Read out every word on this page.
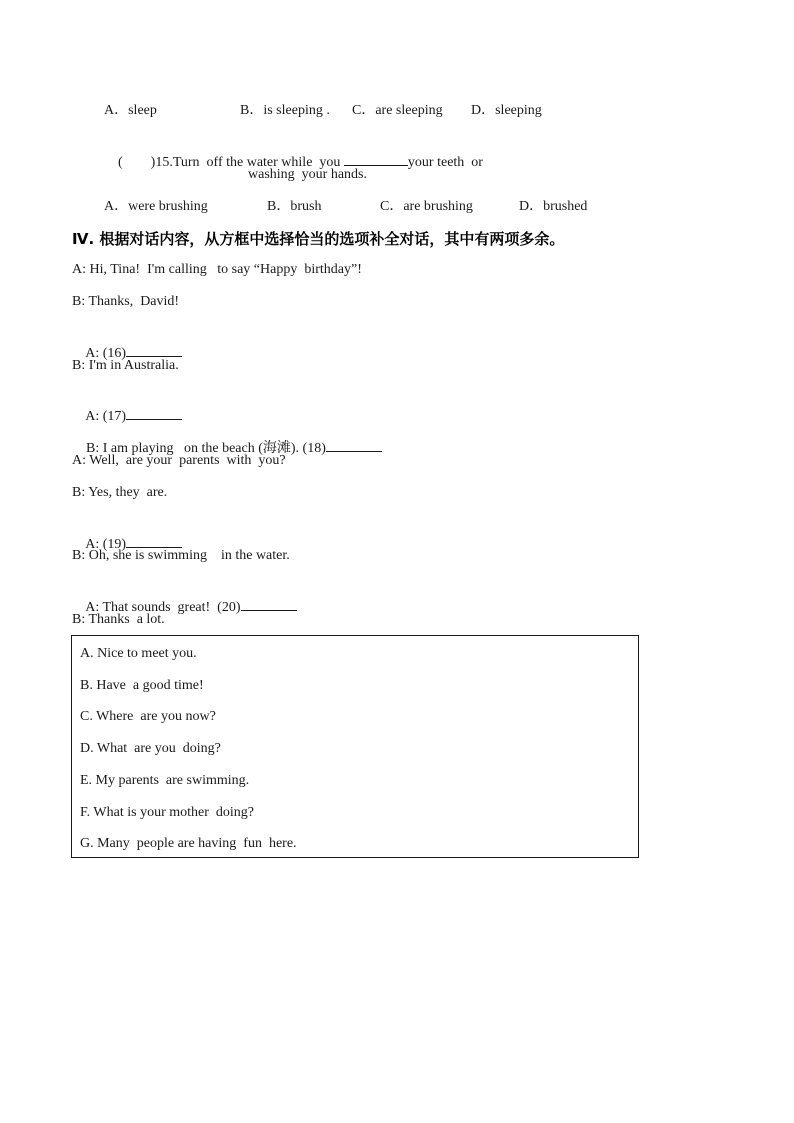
A．sleep	B．is sleeping . C．are sleeping D．sleeping

(        )15.Turn  off the water while  you	your teeth  or

washing  your hands.
A．were brushing	B．brush	C．are brushing	D．brushed
Ⅳ. 根据对话内容，从方框中选择恰当的选项补全对话，其中有两项多余。
A: Hi, Tina!  I'm calling   to say “Happy  birthday”!
B: Thanks,  David!

A: (16)

B: I'm in Australia.

A: (17)

B: I am playing   on the beach (海滩). (18)

A: Well,  are your  parents  with  you?
B: Yes, they  are.

A: (19)

B: Oh, she is swimming    in the water.

A: That sounds  great!  (20)

B: Thanks  a lot.
A. Nice to meet you.
B. Have  a good time!
C. Where  are you now?
D. What  are you  doing?
E. My parents  are swimming.
F. What is your mother  doing?
G. Many  people are having  fun  here.
